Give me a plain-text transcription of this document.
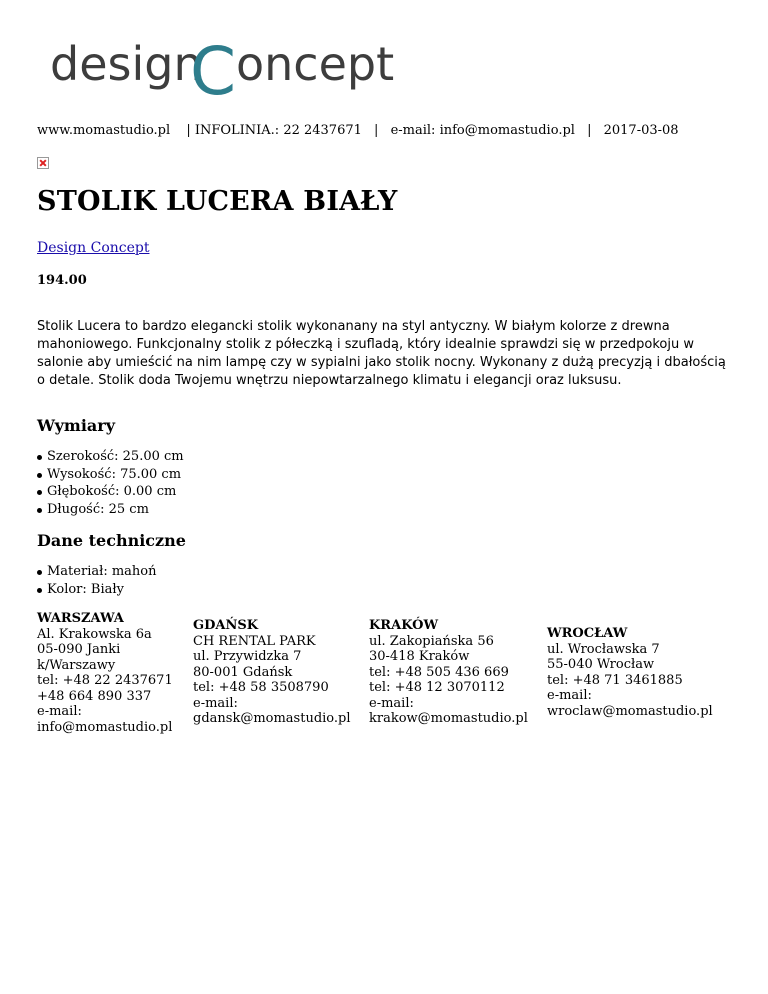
design
C oncept
www.momastudio.pl | INFOLINIA.: 22 2437671 | e-mail: info@momastudio.pl | 2017-03-08
STOLIK LUCERA BIAŁY
Design Concept
194.00

Stolik Lucera to bardzo elegancki stolik wykonanany na styl antyczny. W białym kolorze z drewna mahoniowego. Funkcjonalny stolik z półeczką i szufladą, który idealnie sprawdzi się w przedpokoju w salonie aby umieścić na nim lampę czy w sypialni jako stolik nocny. Wykonany z dużą precyzją i dbałością o detale. Stolik doda Twojemu wnętrzu niepowtarzalnego klimatu i elegancji oraz luksusu.

Wymiary
Szerokość: 25.00 cm
Wysokość: 75.00 cm
Głębokość: 0.00 cm
Długość: 25 cm
Dane techniczne
Materiał: mahoń
Kolor: Biały
WARSZAWA
Al. Krakowska 6a
05-090 Janki
k/Warszawy
tel: +48 22 2437671
+48 664 890 337
e-mail:
info@momastudio.pl
GDAŃSK
CH RENTAL PARK
ul. Przywidzka 7
80-001 Gdańsk
tel: +48 58 3508790
e-mail:
gdansk@momastudio.pl
KRAKÓW
ul. Zakopiańska 56
30-418 Kraków
tel: +48 505 436 669
tel: +48 12 3070112
e-mail:
krakow@momastudio.pl
WROCŁAW
ul. Wrocławska 7
55-040 Wrocław
tel: +48 71 3461885
e-mail:
wroclaw@momastudio.pl
